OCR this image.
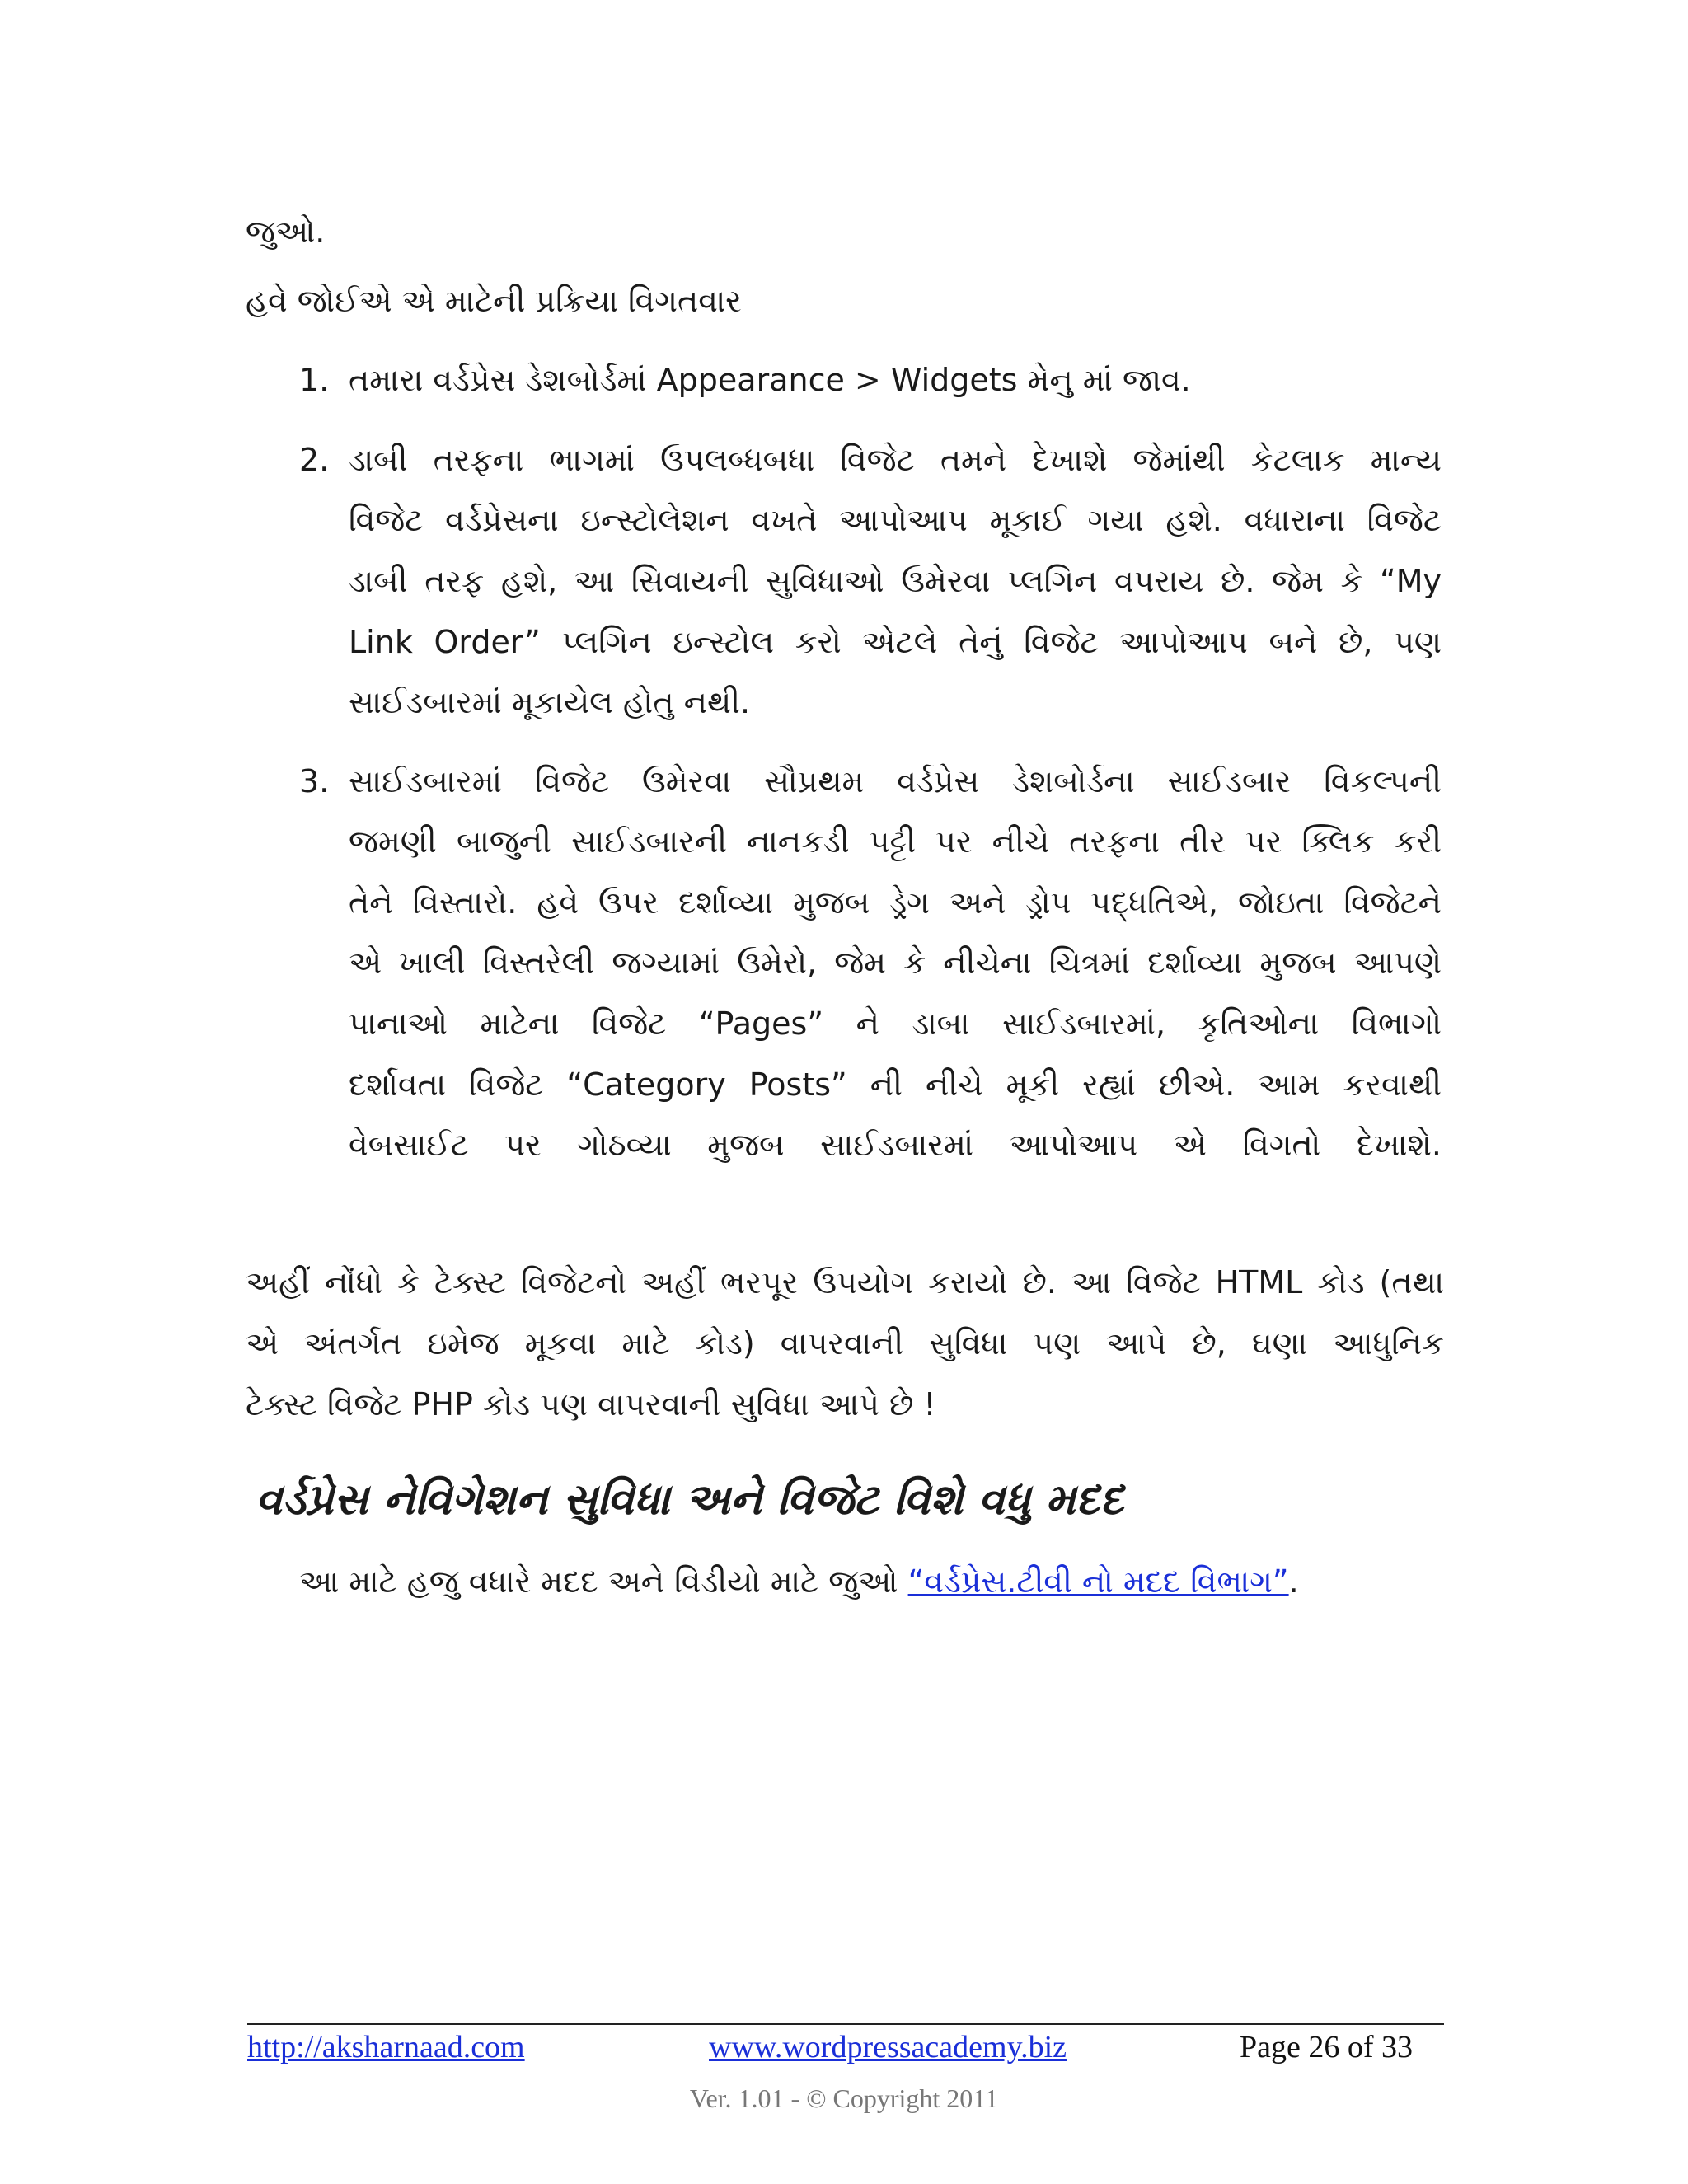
જુઓ.
હવે જોઈએ એ માટેની પ્રક્રિયા વિગતવાર
1. તમારા વર્ડપ્રેસ ડેશબોર્ડમાં Appearance > Widgets મેનુ માં જાવ.
2. ડાબી તરફના ભાગમાં ઉપલબ્ધબધા વિજેટ તમને દેખાશે જેમાંથી કેટલાક માન્ય
વિજેટ વર્ડપ્રેસના ઇન્સ્ટોલેશન વખતે આપોઆપ મૂકાઈ ગયા હશે. વધારાના વિજેટ
ડાબી તરફ હશે, આ સિવાયની સુવિધાઓ ઉમેરવા પ્લગિન વપરાય છે. જેમ કે “My
Link Order” પ્લગિન ઇન્સ્ટોલ કરો એટલે તેનું વિજેટ આપોઆપ બને છે, પણ
સાઈડબારમાં મૂકાયેલ હોતુ નથી.
3. સાઈડબારમાં વિજેટ ઉમેરવા સૌપ્રથમ વર્ડપ્રેસ ડેશબોર્ડના સાઈડબાર વિકલ્પની
જમણી બાજુની સાઈડબારની નાનકડી પટ્ટી પર નીચે તરફના તીર પર ક્લિક કરી
તેને વિસ્તારો. હવે ઉપર દર્શાવ્યા મુજબ ડ્રેગ અને ડ્રોપ પદ્ધતિએ, જોઇતા વિજેટને
એ ખાલી વિસ્તરેલી જગ્યામાં ઉમેરો, જેમ કે નીચેના ચિત્રમાં દર્શાવ્યા મુજબ આપણે
પાનાઓ માટેના વિજેટ “Pages” ને ડાબા સાઈડબારમાં, કૃતિઓના વિભાગો
દર્શાવતા વિજેટ “Category Posts” ની નીચે મૂકી રહ્યાં છીએ. આમ કરવાથી
વેબસાઈટ પર ગોઠવ્યા મુજબ સાઈડબારમાં આપોઆપ એ વિગતો દેખાશે.
અહીં નોંધો કે ટેક્સ્ટ વિજેટનો અહીં ભરપૂર ઉપયોગ કરાયો છે. આ વિજેટ HTML કોડ (તથા
એ અંતર્ગત ઇમેજ મૂકવા માટે કોડ) વાપરવાની સુવિધા પણ આપે છે, ઘણા આધુનિક
ટેક્સ્ટ વિજેટ PHP કોડ પણ વાપરવાની સુવિધા આપે છે !
વર્ડપ્રેસ નેવિગેશન સુવિધા અને વિજેટ વિશે વધુ મદદ
આ માટે હજુ વધારે મદદ અને વિડીયો માટે જુઓ “વર્ડપ્રેસ.ટીવી નો મદદ વિભાગ”.
http://aksharnaad.com	www.wordpressacademy.biz	Page 26 of 33
Ver. 1.01 - © Copyright 2011
